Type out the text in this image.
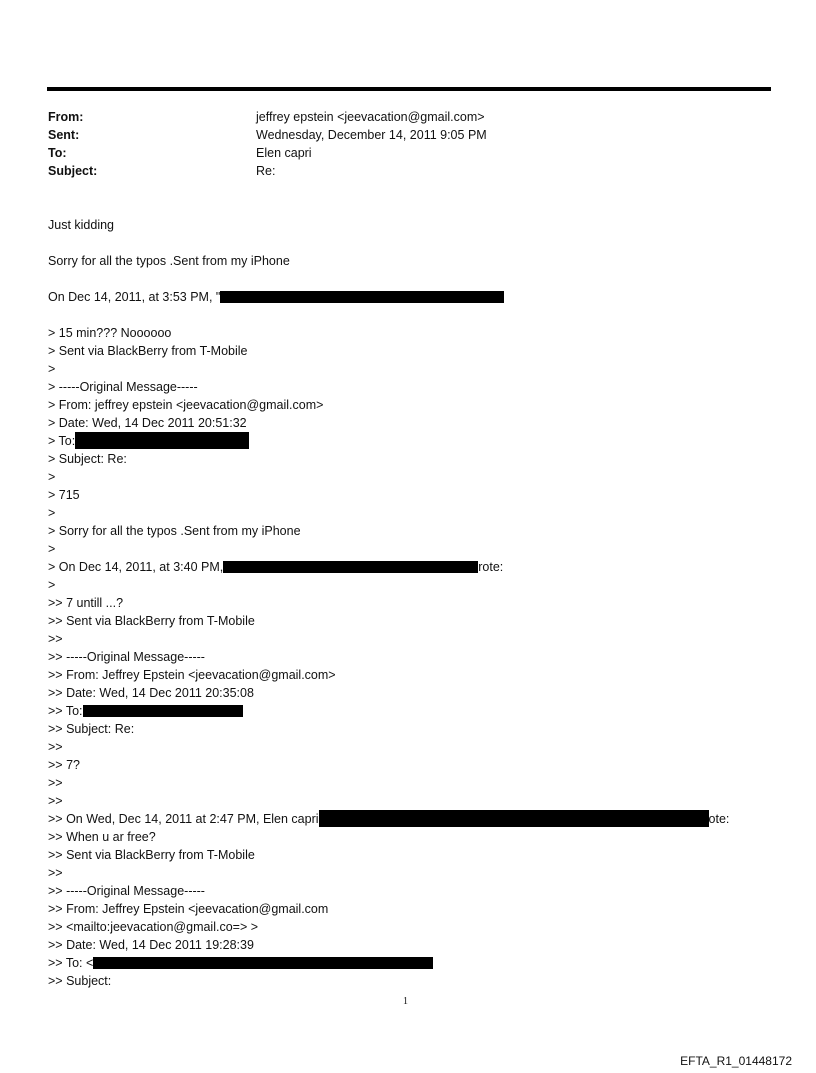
From:	jeffrey epstein <jeevacation@gmail.com>
Sent:	Wednesday, December 14, 2011 9:05 PM
To:	Elen capri
Subject:	Re:
Just kidding
Sorry for all the typos .Sent from my iPhone
On Dec 14, 2011, at 3:53 PM, "
> 15 min??? Noooooo
> Sent via BlackBerry from T-Mobile
>
> -----Original Message-----
> From: jeffrey epstein <jeevacation@gmail.com>
> Date: Wed, 14 Dec 2011 20:51:32
> To:
> Subject: Re:
>
> 715
>
> Sorry for all the typos .Sent from my iPhone
>
> On Dec 14, 2011, at 3:40 PM,	rote:
>
>> 7 untill ...?
>> Sent via BlackBerry from T-Mobile
>>
>> -----Original Message-----
>> From: Jeffrey Epstein <jeevacation@gmail.com>
>> Date: Wed, 14 Dec 2011 20:35:08
>> To:
>> Subject: Re:
>>
>> 7?
>>
>>
>> On Wed, Dec 14, 2011 at 2:47 PM, Elen capri	ote:
>> When u ar free?
>> Sent via BlackBerry from T-Mobile
>>
>> -----Original Message-----
>> From: Jeffrey Epstein <jeevacation@gmail.com
>> <mailto:jeevacation@gmail.co=> >
>> Date: Wed, 14 Dec 2011 19:28:39
>> To: <
>> Subject:
1
EFTA_R1_01448172
